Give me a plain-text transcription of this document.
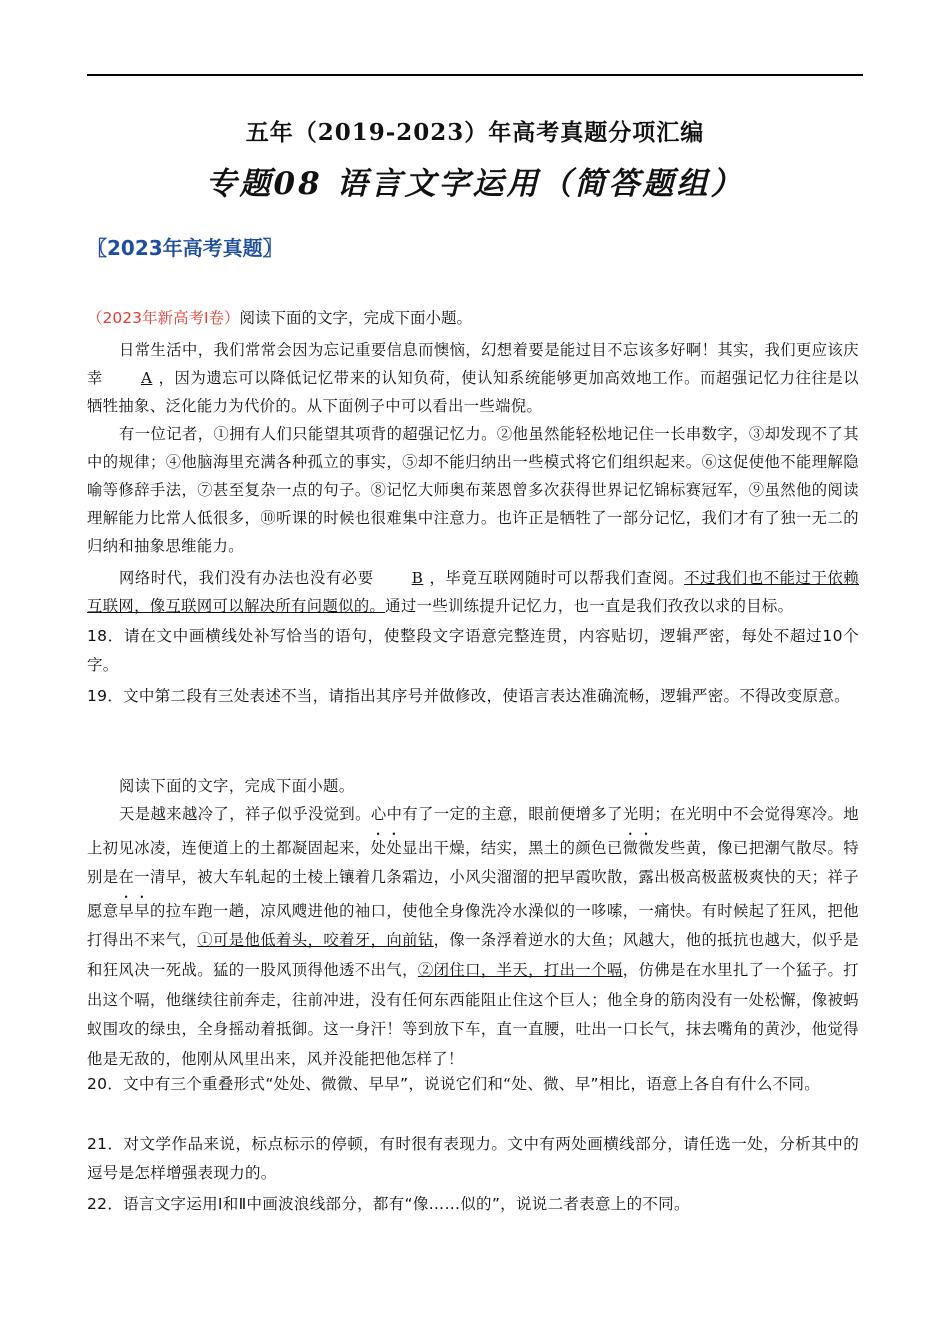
五年（2019-2023）年高考真题分项汇编
专题08 语言文字运用（简答题组）
〖2023年高考真题〗
（2023年新高考Ⅰ卷）阅读下面的文字，完成下面小题。
日常生活中，我们常常会因为忘记重要信息而懊恼，幻想着要是能过目不忘该多好啊！其实，我们更应该庆幸 A ，因为遗忘可以降低记忆带来的认知负荷，使认知系统能够更加高效地工作。而超强记忆力往往是以牺牲抽象、泛化能力为代价的。从下面例子中可以看出一些端倪。
有一位记者，①拥有人们只能望其项背的超强记忆力。②他虽然能轻松地记住一长串数字，③却发现不了其中的规律；④他脑海里充满各种孤立的事实，⑤却不能归纳出一些模式将它们组织起来。⑥这促使他不能理解隐喻等修辞手法，⑦甚至复杂一点的句子。⑧记忆大师奥布莱恩曾多次获得世界记忆锦标赛冠军，⑨虽然他的阅读理解能力比常人低很多，⑩听课的时候也很难集中注意力。也许正是牺牲了一部分记忆，我们才有了独一无二的归纳和抽象思维能力。
网络时代，我们没有办法也没有必要 B ，毕竟互联网随时可以帮我们查阅。不过我们也不能过于依赖互联网，像互联网可以解决所有问题似的。通过一些训练提升记忆力，也一直是我们孜孜以求的目标。
18．请在文中画横线处补写恰当的语句，使整段文字语意完整连贯，内容贴切，逻辑严密，每处不超过10个字。
19．文中第二段有三处表述不当，请指出其序号并做修改，使语言表达准确流畅，逻辑严密。不得改变原意。
阅读下面的文字，完成下面小题。
天是越来越冷了，祥子似乎没觉到。心中有了一定的主意，眼前便增多了光明；在光明中不会觉得寒冷。地上初见冰凌，连便道上的土都凝固起来，处处显出干燥，结实，黑土的颜色已微微发些黄，像已把潮气散尽。特别是在一清早，被大车轧起的土棱上镶着几条霜边，小风尖溜溜的把早霞吹散，露出极高极蓝极爽快的天；祥子愿意早早的拉车跑一趟，凉风飕进他的袖口，使他全身像洗冷水澡似的一哆嗦，一痛快。有时候起了狂风，把他打得出不来气，①可是他低着头，咬着牙，向前钻，像一条浮着逆水的大鱼；风越大，他的抵抗也越大，似乎是和狂风决一死战。猛的一股风顶得他透不出气，②闭住口，半天，打出一个嗝，仿佛是在水里扎了一个猛子。打出这个嗝，他继续往前奔走，往前冲进，没有任何东西能阻止住这个巨人；他全身的筋肉没有一处松懈，像被蚂蚁围攻的绿虫，全身摇动着抵御。这一身汗！等到放下车，直一直腰，吐出一口长气，抹去嘴角的黄沙，他觉得他是无敌的，他刚从风里出来，风并没能把他怎样了！
20．文中有三个重叠形式“处处、微微、早早”，说说它们和“处、微、早”相比，语意上各自有什么不同。
21．对文学作品来说，标点标示的停顿，有时很有表现力。文中有两处画横线部分，请任选一处，分析其中的逗号是怎样增强表现力的。
22．语言文字运用Ⅰ和Ⅱ中画波浪线部分，都有“像……似的”，说说二者表意上的不同。
